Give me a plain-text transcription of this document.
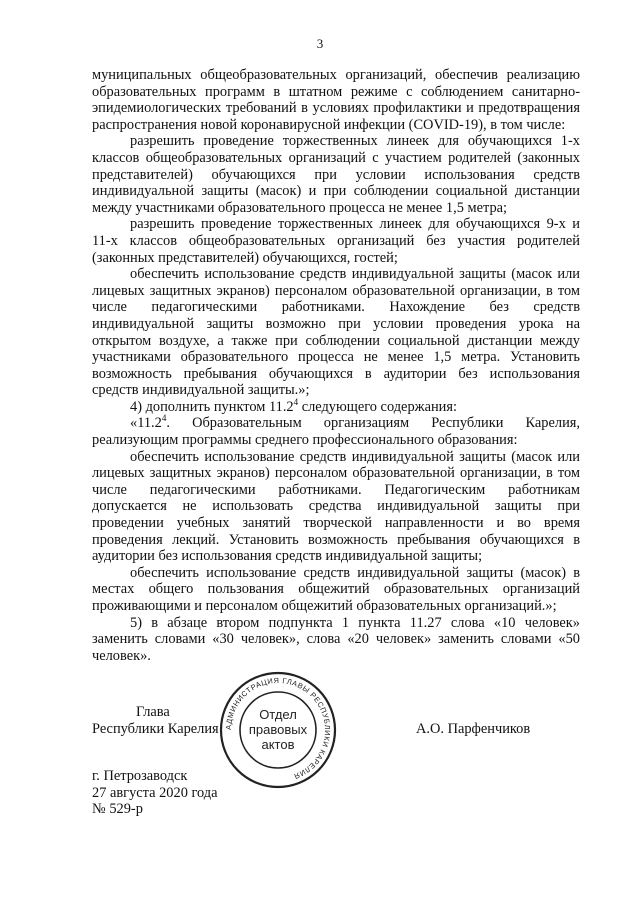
3

муниципальных общеобразовательных организаций, обеспечив реализацию образовательных программ в штатном режиме с соблюдением санитарно-эпидемиологических требований в условиях профилактики и предотвращения распространения новой коронавирусной инфекции (COVID-19), в том числе:

разрешить проведение торжественных линеек для обучающихся 1-х классов общеобразовательных организаций с участием родителей (законных представителей) обучающихся при условии использования средств индивидуальной защиты (масок) и при соблюдении социальной дистанции между участниками образовательного процесса не менее 1,5 метра;

разрешить проведение торжественных линеек для обучающихся 9-х и 11-х классов общеобразовательных организаций без участия родителей (законных представителей) обучающихся, гостей;

обеспечить использование средств индивидуальной защиты (масок или лицевых защитных экранов) персоналом образовательной организации, в том числе педагогическими работниками. Нахождение без средств индивидуальной защиты возможно при условии проведения урока на открытом воздухе, а также при соблюдении социальной дистанции между участниками образовательного процесса не менее 1,5 метра. Установить возможность пребывания обучающихся в аудитории без использования средств индивидуальной защиты.»;

4) дополнить пунктом 11.2$^4$ следующего содержания:

«11.2$^4$. Образовательным организациям Республики Карелия, реализующим программы среднего профессионального образования:

обеспечить использование средств индивидуальной защиты (масок или лицевых защитных экранов) персоналом образовательной организации, в том числе педагогическими работниками. Педагогическим работникам допускается не использовать средства индивидуальной защиты при проведении учебных занятий творческой направленности и во время проведения лекций. Установить возможность пребывания обучающихся в аудитории без использования средств индивидуальной защиты;

обеспечить использование средств индивидуальной защиты (масок) в местах общего пользования общежитий образовательных организаций проживающими и персоналом общежитий образовательных организаций.»;

5) в абзаце втором подпункта 1 пункта 11.27 слова «10 человек» заменить словами «30 человек», слова «20 человек» заменить словами «50 человек».

Глава
Республики Карелия	А.О. Парфенчиков
АДМИНИСТРАЦИЯ ГЛАВЫ РЕСПУБЛИКИ КАРЕЛИЯ
Отдел
правовых
актов
г. Петрозаводск
27 августа 2020 года
№ 529-р
